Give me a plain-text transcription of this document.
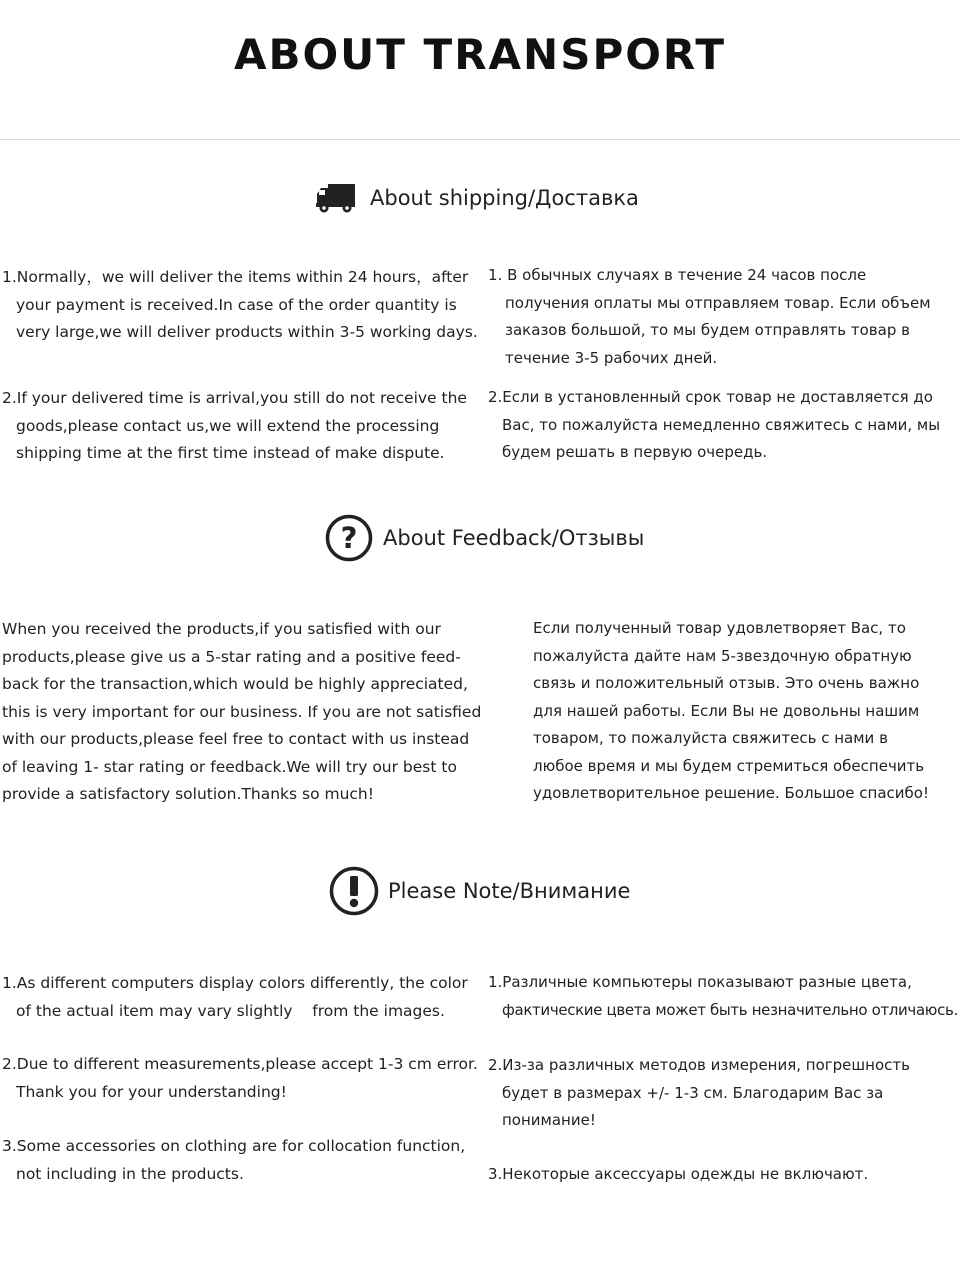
ABOUT TRANSPORT
About shipping/Доставка
1.Normally，we will deliver the items within 24 hours，after
your payment is received.In case of the order quantity is
very large,we will deliver products within 3-5 working days.
2.If your delivered time is arrival,you still do not receive the
goods,please contact us,we will extend the processing
shipping time at the first time instead of make dispute.
1. В обычных случаях в течение 24 часов после
получения оплаты мы отправляем товар. Если объем
заказов большой, то мы будем отправлять товар в
течение 3-5 рабочих дней.
2.Если в установленный срок товар не доставляется до
Вас, то пожалуйста немедленно свяжитесь с нами, мы
будем решать в первую очередь.
? About Feedback/Отзывы
When you received the products,if you satisfied with our
products,please give us a 5-star rating and a positive feed-
back for the transaction,which would be highly appreciated,
this is very important for our business. If you are not satisfied
with our products,please feel free to contact with us instead
of leaving 1- star rating or feedback.We will try our best to
provide a satisfactory solution.Thanks so much!
Если полученный товар удовлетворяет Вас, то
пожалуйста дайте нам 5-звездочную обратную
связь и положительный отзыв. Это очень важно
для нашей работы. Если Вы не довольны нашим
товаром, то пожалуйста свяжитесь с нами в
любое время и мы будем стремиться обеспечить
удовлетворительное решение. Большое спасибо!
Please Note/Внимание
1.As different computers display colors differently, the color
of the actual item may vary slightly    from the images.
2.Due to different measurements,please accept 1-3 cm error.
Thank you for your understanding!
3.Some accessories on clothing are for collocation function,
not including in the products.
1.Различные компьютеры показывают разные цвета,
фактические цвета может быть незначительно отличаюсь.
2.Из-за различных методов измерения, погрешность
будет в размерах +/- 1-3 см. Благодарим Вас за
понимание!
3.Некоторые аксессуары одежды не включают.
